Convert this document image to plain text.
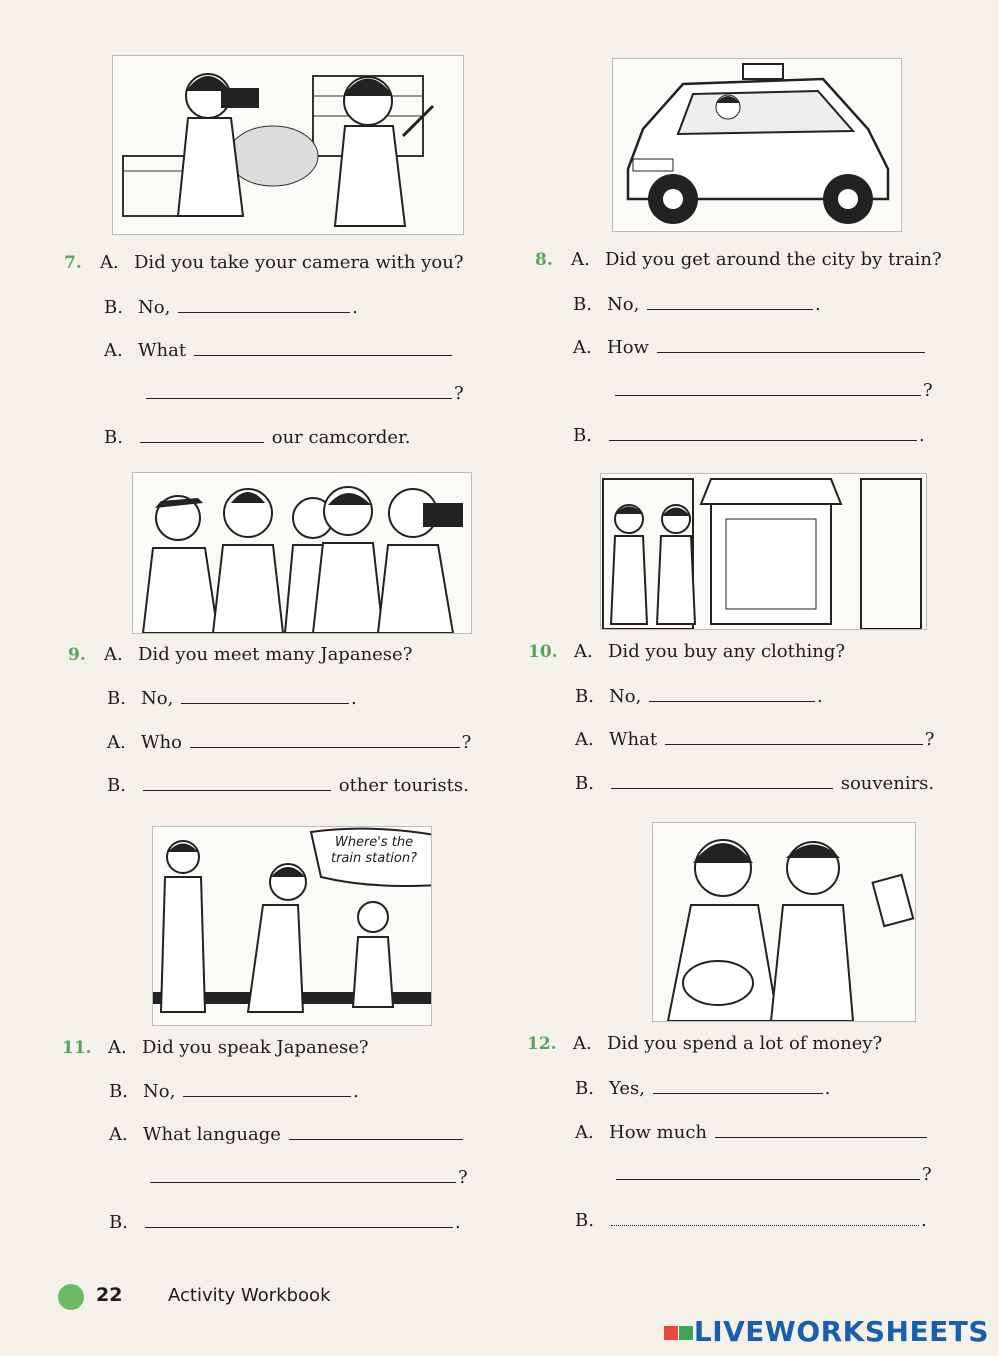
Where's the train station?
7. A. Did you take your camera with you?
B. No,	.
A. What
?
B.	our camcorder.
8. A. Did you get around the city by train?
B. No,	.
A. How
?
B.	.
9. A. Did you meet many Japanese?
B. No,	.
A. Who	?
B.	other tourists.
10. A. Did you buy any clothing?
B. No,	.
A. What	?
B.	souvenirs.
11. A. Did you speak Japanese?
B. No,	.
A. What language
?
B.	.
12. A. Did you spend a lot of money?
B. Yes,	.
A. How much
?
B.	.
22	Activity Workbook
LIVEWORKSHEETS
